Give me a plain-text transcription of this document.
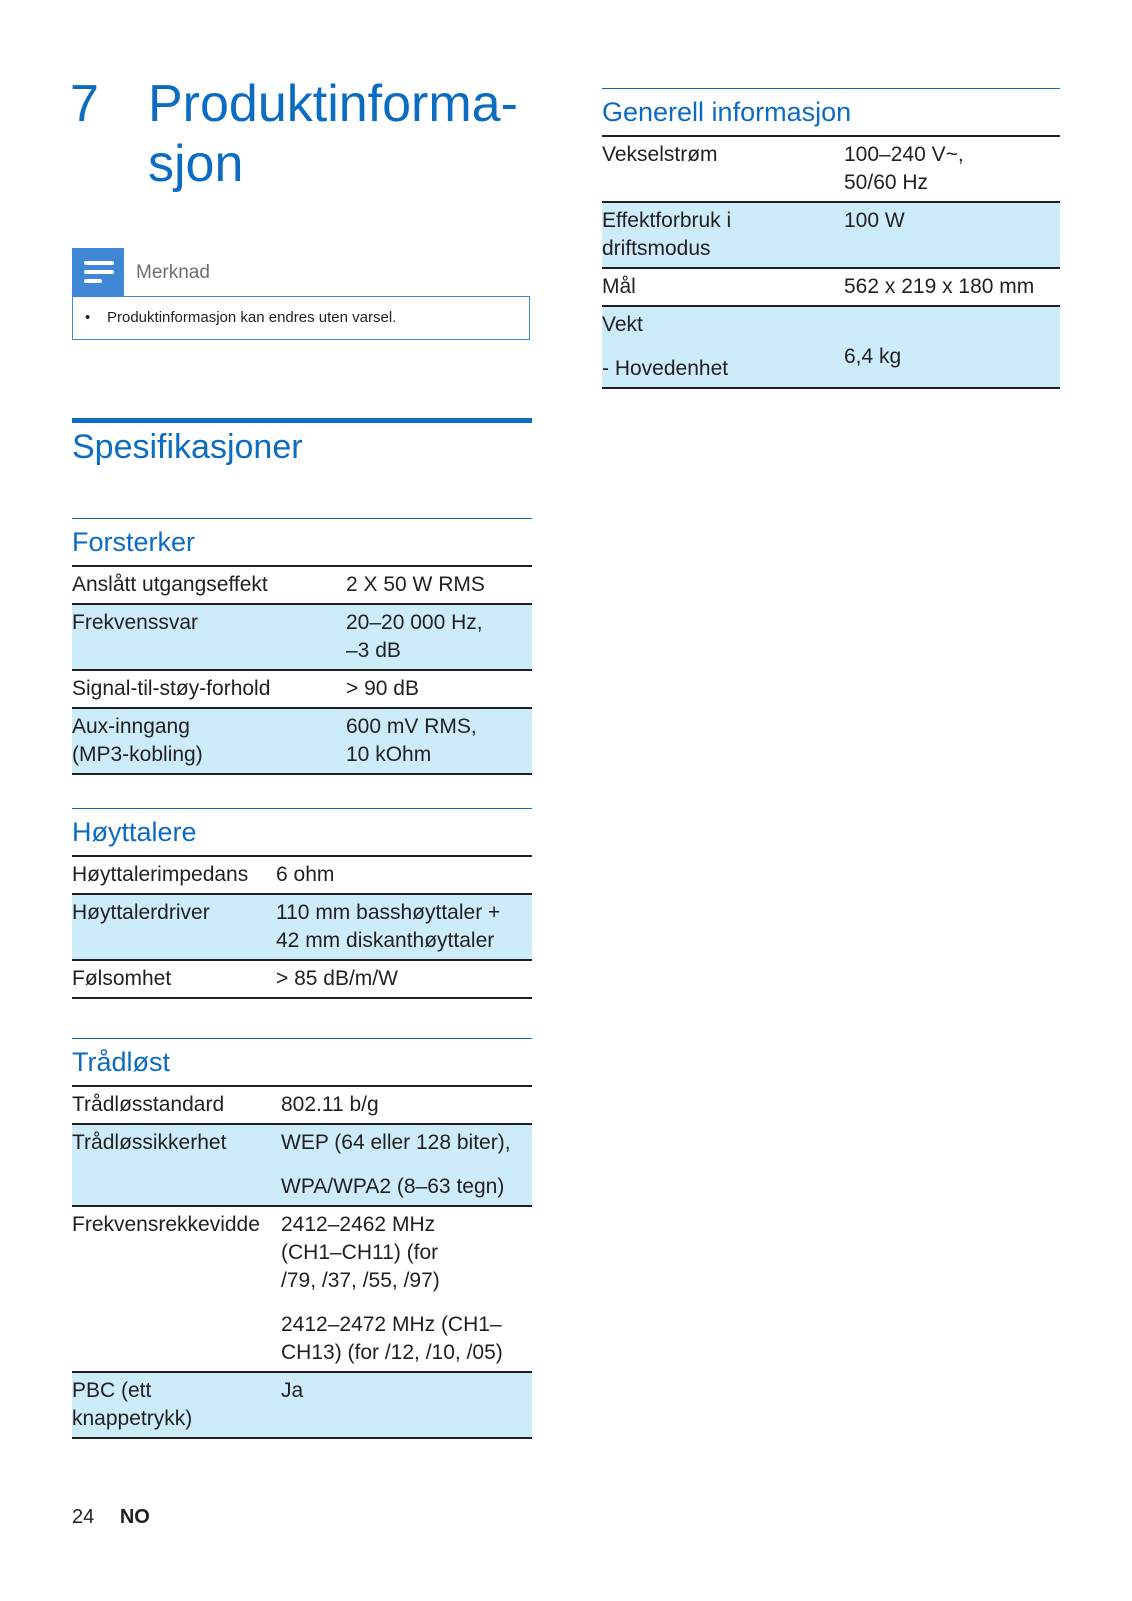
7 Produktinforma-
sjon
Merknad
• Produktinformasjon kan endres uten varsel.
Spesifikasjoner
Forsterker
Anslått utgangseffekt	2 X 50 W RMS

Frekvenssvar	20–20 000 Hz,
–3 dB

Signal-til-støy-forhold	> 90 dB

Aux-inngang
(MP3-kobling)	600 mV RMS,
10 kOhm
Høyttalere
Høyttalerimpedans	6 ohm

Høyttalerdriver	110 mm basshøyttaler +
42 mm diskanthøyttaler

Følsomhet	> 85 dB/m/W
Trådløst
Trådløsstandard	802.11 b/g

Trådløssikkerhet	WEP (64 eller 128 biter),
WPA/WPA2 (8–63 tegn)

Frekvensrekkevidde	2412–2462 MHz
(CH1–CH11) (for
/79, /37, /55, /97)
2412–2472 MHz (CH1–
CH13) (for /12, /10, /05)

PBC (ett
knappetrykk)	Ja
Generell informasjon
Vekselstrøm	100–240 V~,
50/60 Hz

Effektforbruk i
driftsmodus	100 W

Mål	562 x 219 x 180 mm

Vekt
- Hovedenhet	6,4 kg
24 NO
